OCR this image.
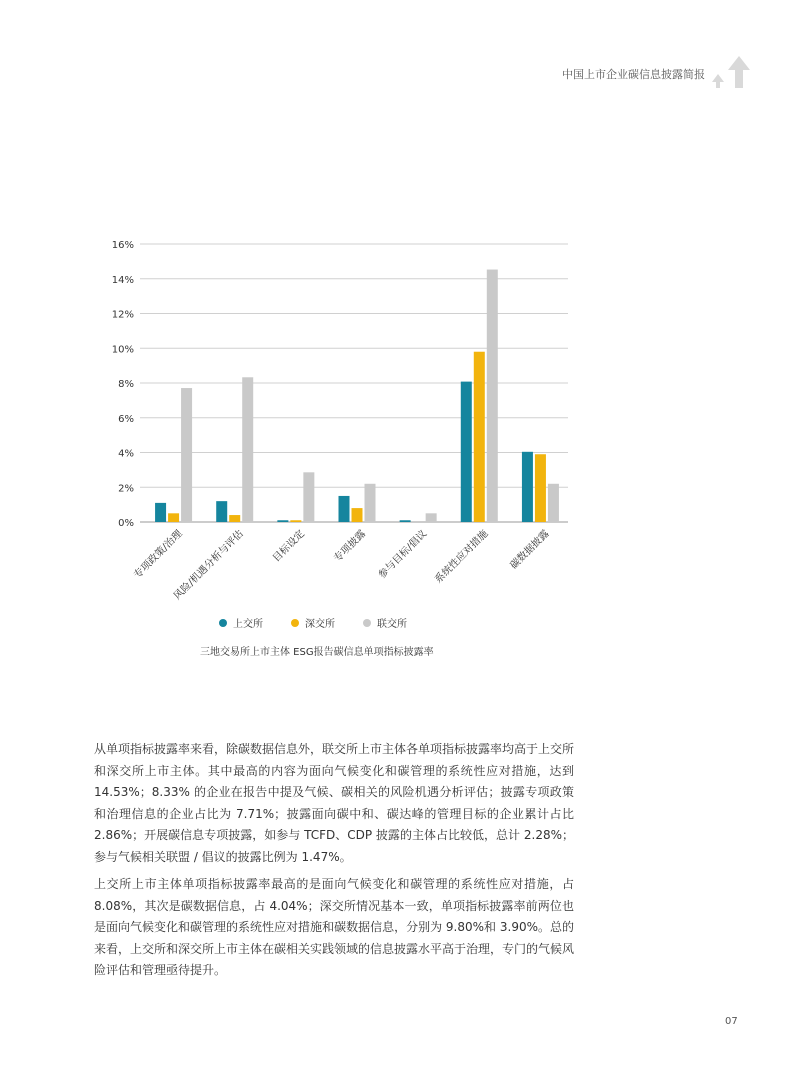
中国上市企业碳信息披露简报
0%
2%
4%
6%
8%
10%
12%
14%
16%
专项政策/治理
风险/机遇分析与评估	目标设定	专项披露 参与目标/倡议 系统性应对措施 碳数据披露
上交所	深交所	联交所
三地交易所上市主体 ESG报告碳信息单项指标披露率

从单项指标披露率来看，除碳数据信息外，联交所上市主体各单项指标披露率均高于上交所和深交所上市主体。其中最高的内容为面向气候变化和碳管理的系统性应对措施，达到 14.53%；8.33% 的企业在报告中提及气候、碳相关的风险机遇分析评估；披露专项政策和治理信息的企业占比为 7.71%；披露面向碳中和、碳达峰的管理目标的企业累计占比 2.86%；开展碳信息专项披露，如参与 TCFD、CDP 披露的主体占比较低，总计 2.28%；参与气候相关联盟 / 倡议的披露比例为 1.47%。

上交所上市主体单项指标披露率最高的是面向气候变化和碳管理的系统性应对措施，占 8.08%，其次是碳数据信息，占 4.04%；深交所情况基本一致，单项指标披露率前两位也是面向气候变化和碳管理的系统性应对措施和碳数据信息，分别为 9.80%和 3.90%。总的来看，上交所和深交所上市主体在碳相关实践领域的信息披露水平高于治理，专门的气候风险评估和管理亟待提升。

07
